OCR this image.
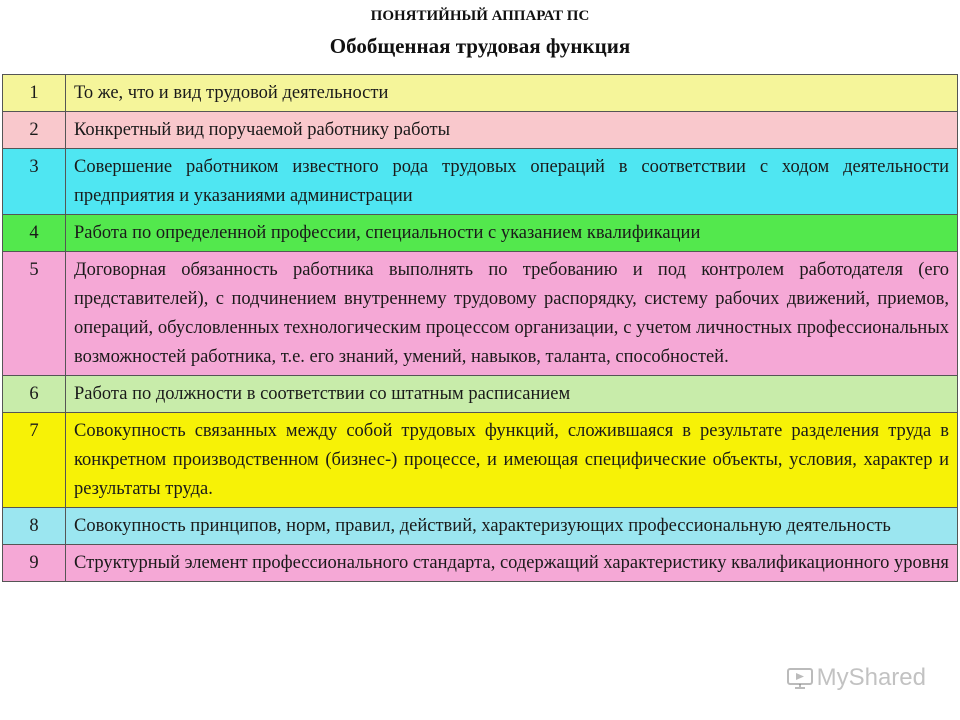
ПОНЯТИЙНЫЙ АППАРАТ ПС
Обобщенная трудовая функция
1	То же, что и вид трудовой деятельности
2	Конкретный вид поручаемой работнику работы
3	Совершение работником известного рода трудовых операций в соответствии с ходом деятельности предприятия и указаниями администрации
4	Работа по определенной профессии, специальности с указанием квалификации
5	Договорная обязанность работника выполнять по требованию и под контролем работодателя (его представителей), с подчинением внутреннему трудовому распорядку, систему рабочих движений, приемов, операций, обусловленных технологическим процессом организации, с учетом личностных профессиональных возможностей работника, т.е. его знаний, умений, навыков, таланта, способностей.
6	Работа по должности в соответствии со штатным расписанием
7	Совокупность связанных между собой трудовых функций, сложившаяся в результате разделения труда в конкретном производственном (бизнес-) процессе, и имеющая специфические объекты, условия, характер и результаты труда.
8	Совокупность принципов, норм, правил, действий, характеризующих профессиональную деятельность
9	Структурный элемент профессионального стандарта, содержащий характеристику квалификационного уровня
MyShared
